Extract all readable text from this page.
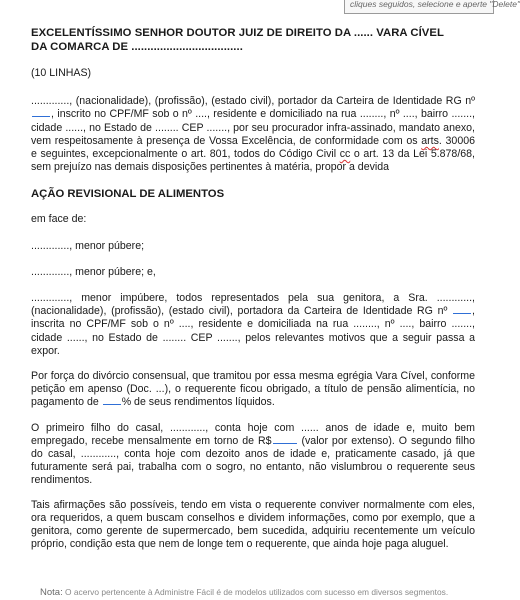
cliques seguidos, selecione e aperte "Delete"
EXCELENTÍSSIMO SENHOR DOUTOR JUIZ DE DIREITO DA ...... VARA CÍVEL
DA COMARCA DE ...................................

(10 LINHAS)

............., (nacionalidade), (profissão), (estado civil), portador da Carteira de Identidade RG nº , inscrito no CPF/MF sob o nº ...., residente e domiciliado na rua ........, nº ...., bairro ......., cidade ......, no Estado de ........ CEP ......., por seu procurador infra-assinado, mandato anexo, vem respeitosamente à presença de Vossa Excelência, de conformidade com os arts. 30006 e seguintes, excepcionalmente o art. 801, todos do Código Civil cc o art. 13 da Lei 5.878/68, sem prejuízo nas demais disposições pertinentes à matéria, propor a devida

AÇÃO REVISIONAL DE ALIMENTOS

em face de:

............., menor púbere;

............., menor púbere; e,

............., menor impúbere, todos representados pela sua genitora, a Sra. ............, (nacionalidade), (profissão), (estado civil), portadora da Carteira de Identidade RG nº , inscrita no CPF/MF sob o nº ...., residente e domiciliada na rua ........, nº ...., bairro ......., cidade ......, no Estado de ........ CEP ......., pelos relevantes motivos que a seguir passa a expor.

Por força do divórcio consensual, que tramitou por essa mesma egrégia Vara Cível, conforme petição em apenso (Doc. ...), o requerente ficou obrigado, a título de pensão alimentícia, no pagamento de % de seus rendimentos líquidos.

O primeiro filho do casal, ............, conta hoje com ...... anos de idade e, muito bem empregado, recebe mensalmente em torno de R$ (valor por extenso). O segundo filho do casal, ............, conta hoje com dezoito anos de idade e, praticamente casado, já que futuramente será pai, trabalha com o sogro, no entanto, não vislumbrou o requerente seus rendimentos.

Tais afirmações são possíveis, tendo em vista o requerente conviver normalmente com eles, ora requeridos, a quem buscam conselhos e dividem informações, como por exemplo, que a genitora, como gerente de supermercado, bem sucedida, adquiriu recentemente um veículo próprio, condição esta que nem de longe tem o requerente, que ainda hoje paga aluguel.

Nota: O acervo pertencente à Administre Fácil é de modelos utilizados com sucesso em diversos segmentos.
